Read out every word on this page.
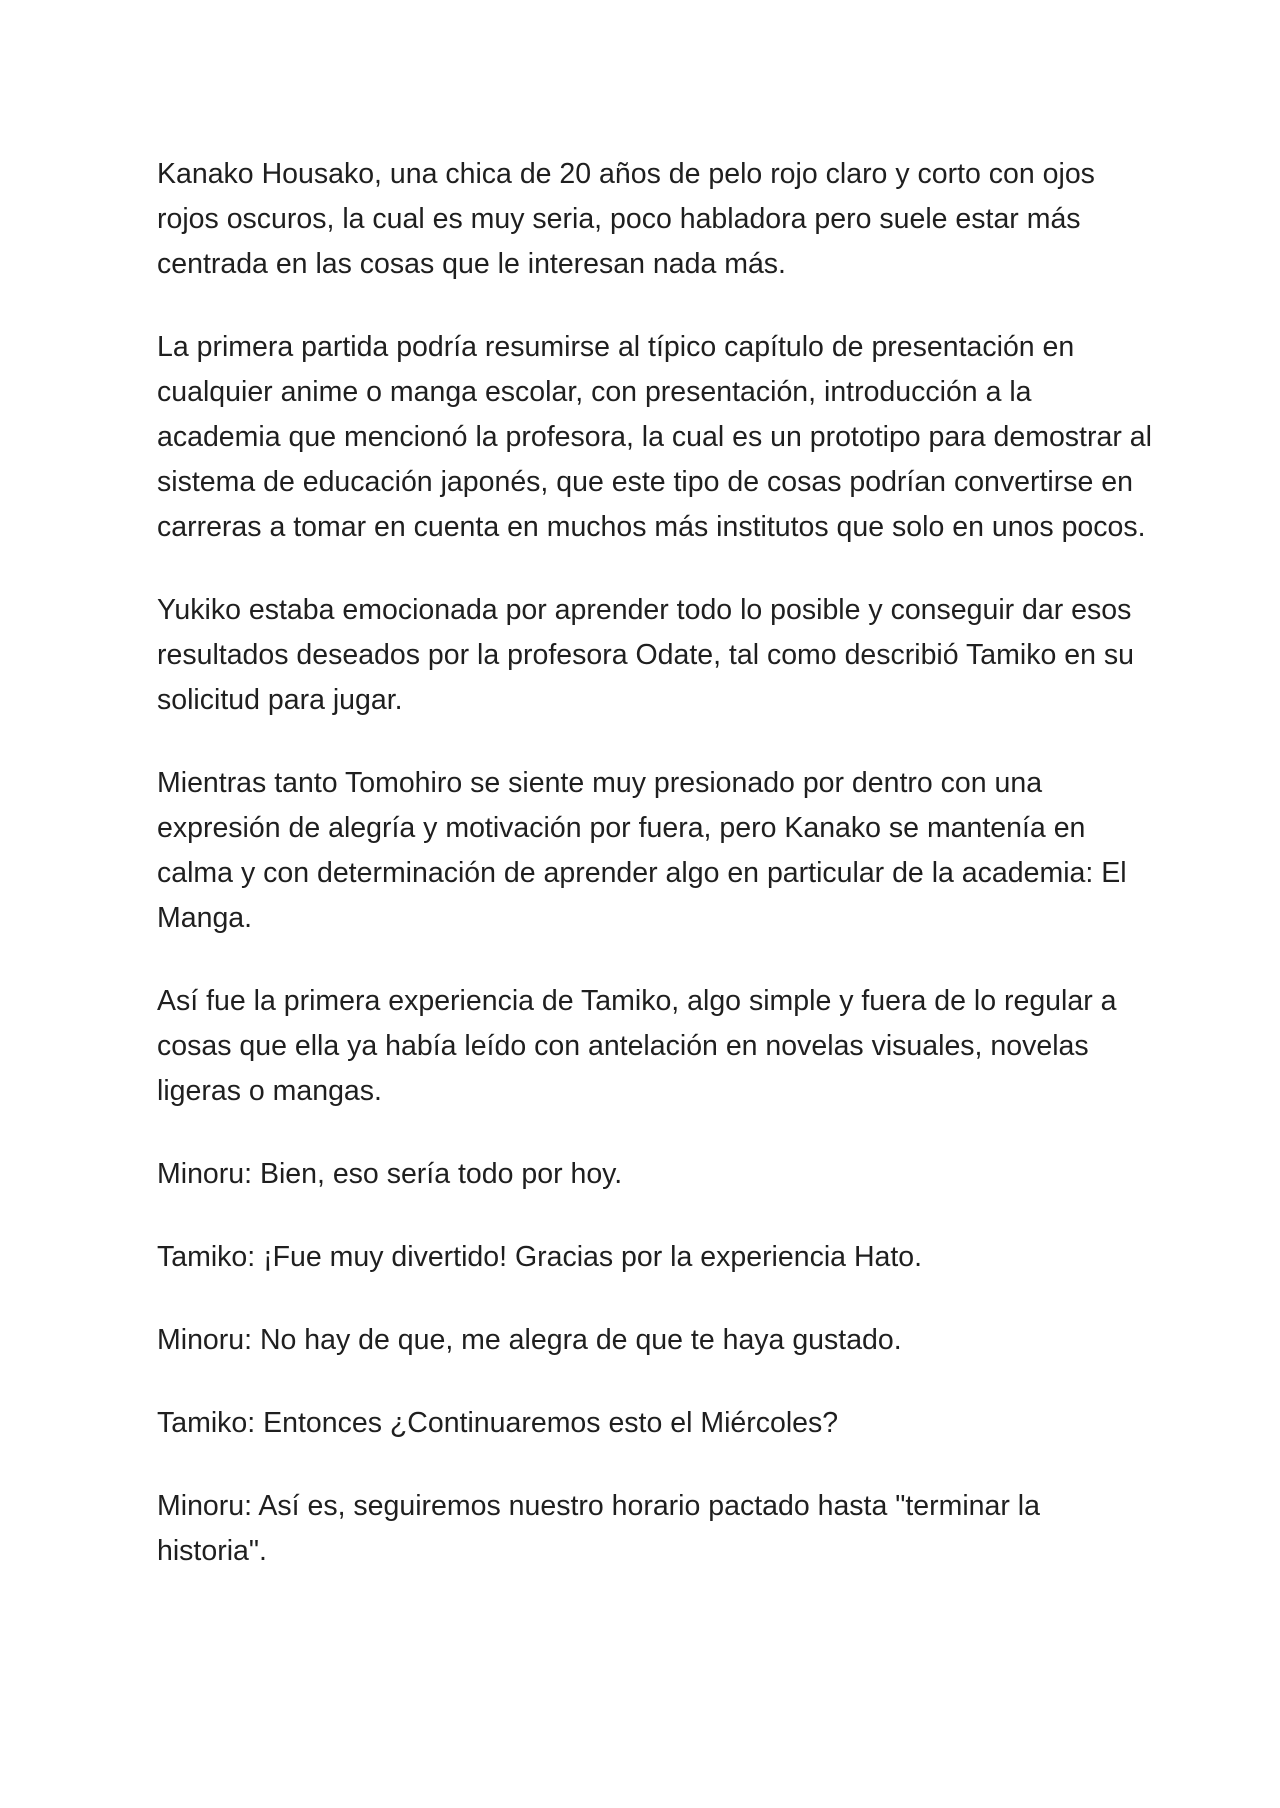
Kanako Housako, una chica de 20 años de pelo rojo claro y corto con ojos rojos oscuros, la cual es muy seria, poco habladora pero suele estar más centrada en las cosas que le interesan nada más.

La primera partida podría resumirse al típico capítulo de presentación en cualquier anime o manga escolar, con presentación, introducción a la academia que mencionó la profesora, la cual es un prototipo para demostrar al sistema de educación japonés, que este tipo de cosas podrían convertirse en carreras a tomar en cuenta en muchos más institutos que solo en unos pocos.

Yukiko estaba emocionada por aprender todo lo posible y conseguir dar esos resultados deseados por la profesora Odate, tal como describió Tamiko en su solicitud para jugar.

Mientras tanto Tomohiro se siente muy presionado por dentro con una expresión de alegría y motivación por fuera, pero Kanako se mantenía en calma y con determinación de aprender algo en particular de la academia: El Manga.

Así fue la primera experiencia de Tamiko, algo simple y fuera de lo regular a cosas que ella ya había leído con antelación en novelas visuales, novelas ligeras o mangas.

Minoru: Bien, eso sería todo por hoy.

Tamiko: ¡Fue muy divertido! Gracias por la experiencia Hato.

Minoru: No hay de que, me alegra de que te haya gustado.

Tamiko: Entonces ¿Continuaremos esto el Miércoles?

Minoru: Así es, seguiremos nuestro horario pactado hasta "terminar la historia".
